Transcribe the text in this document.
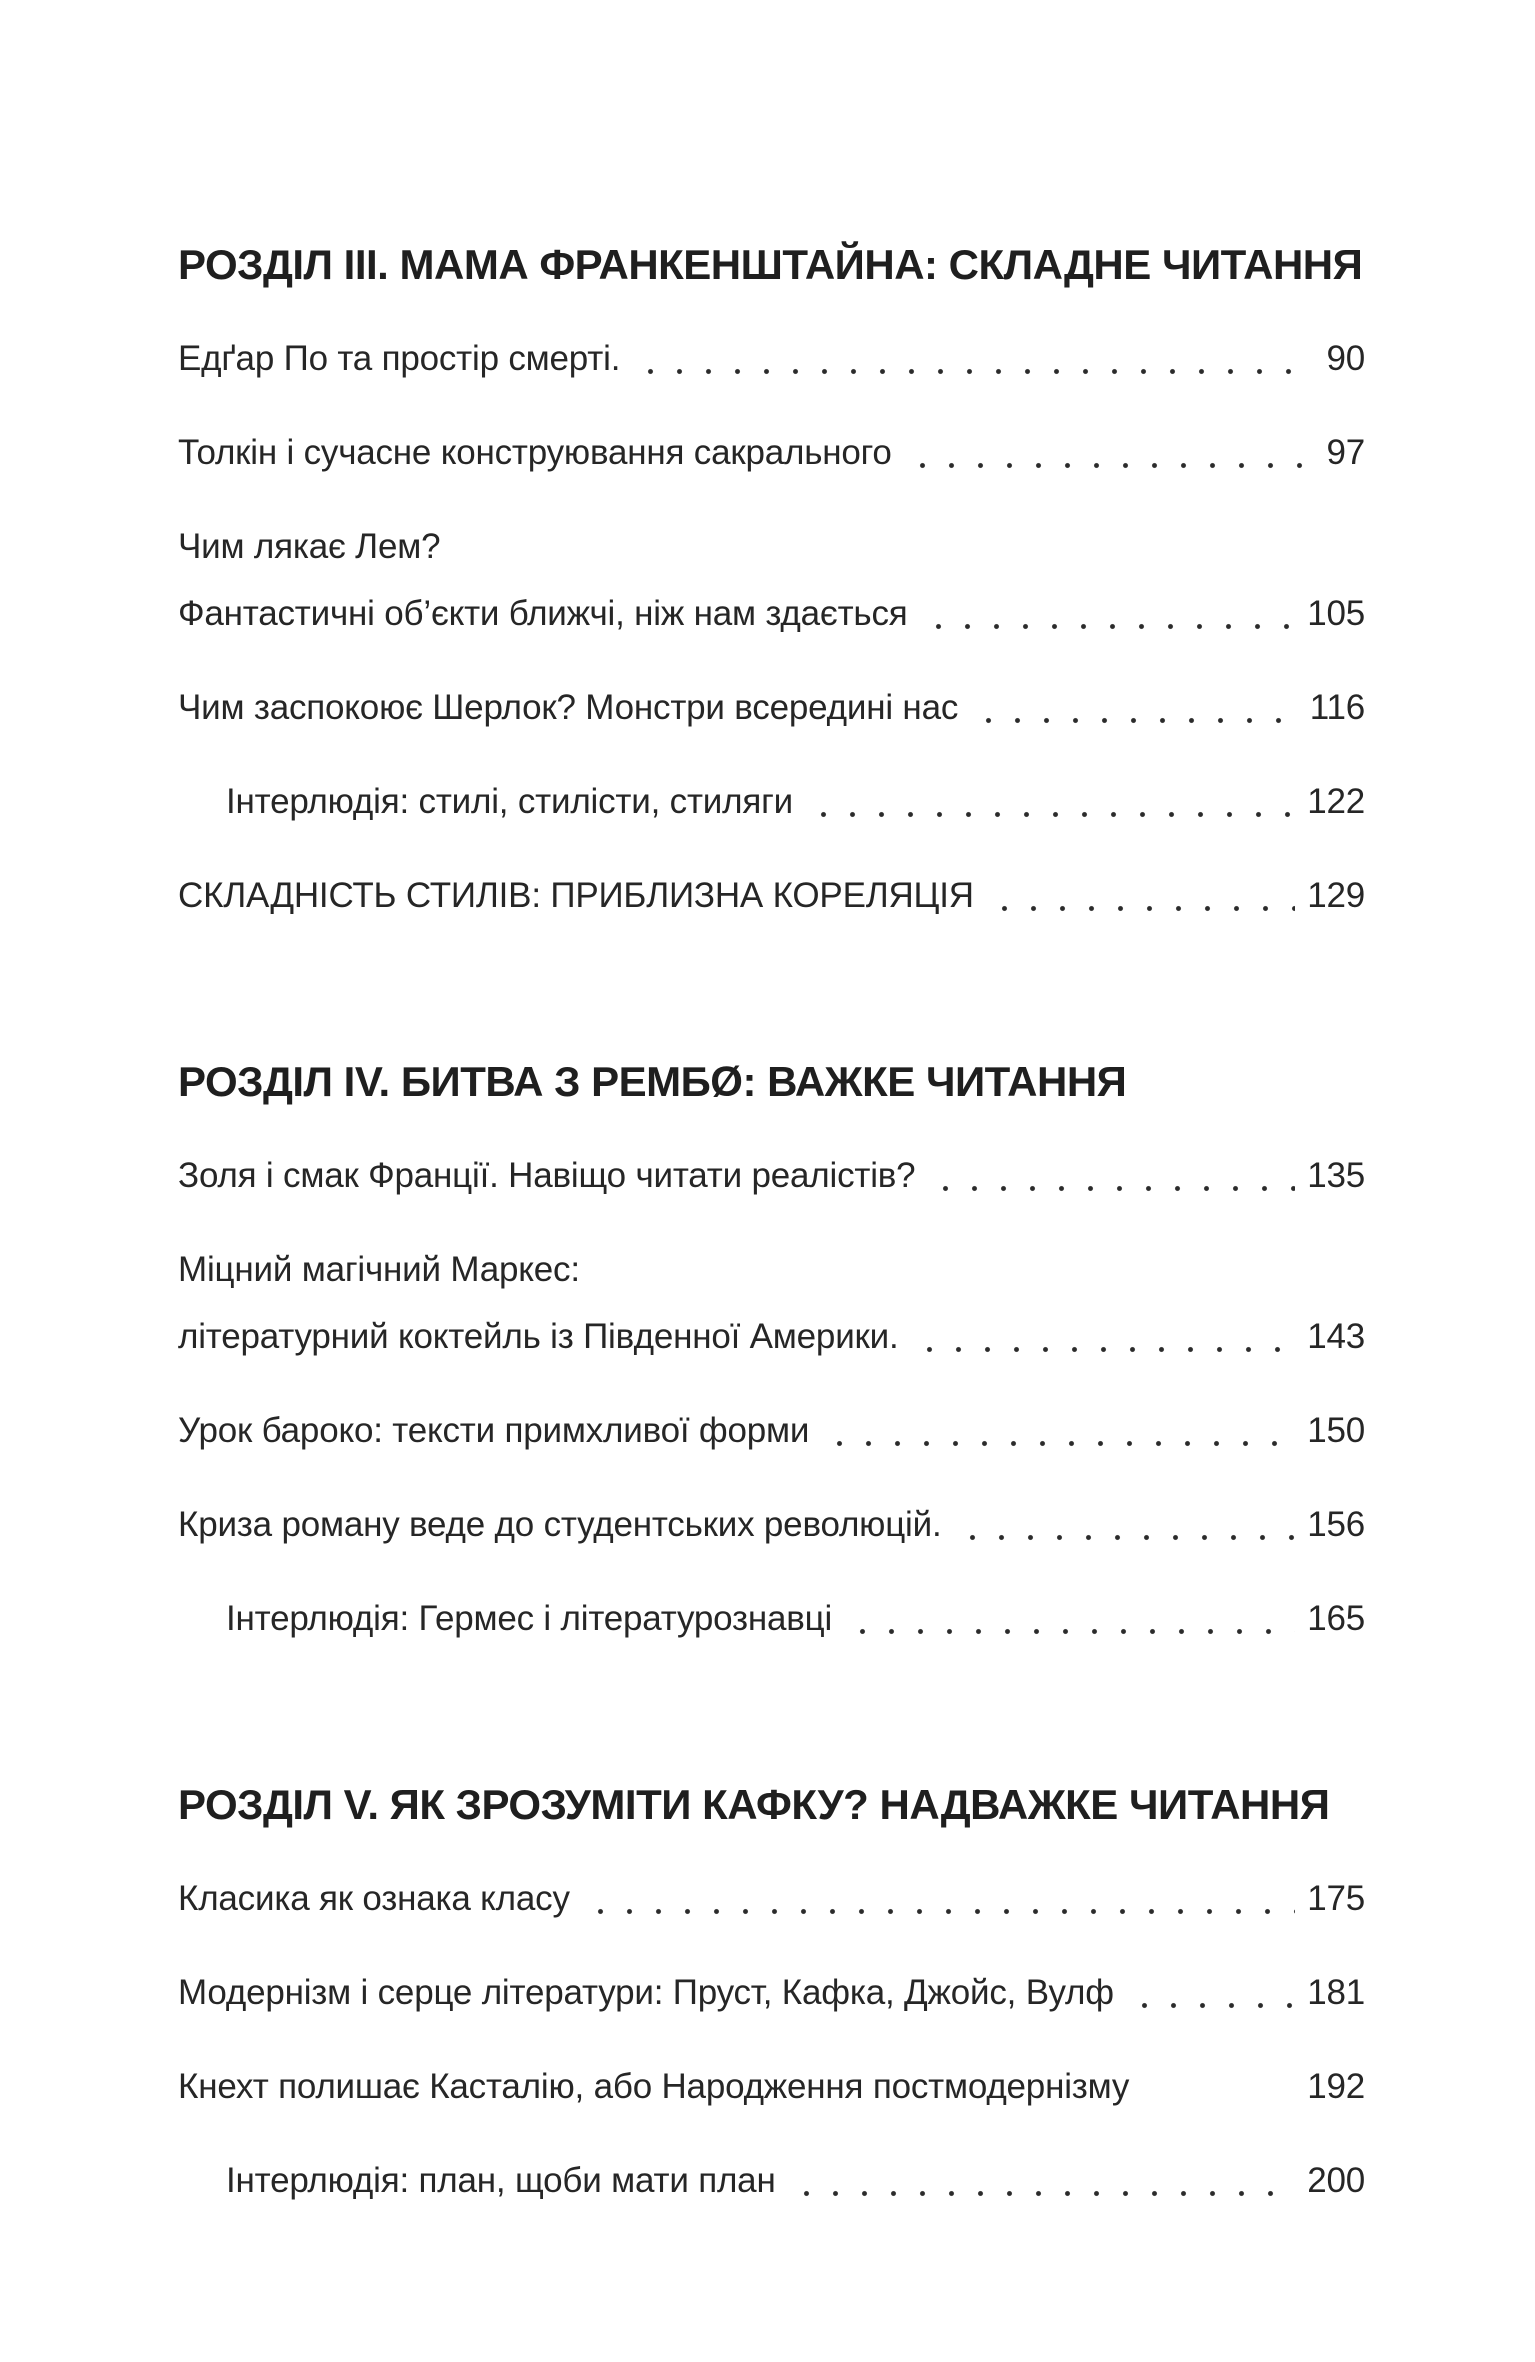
РОЗДІЛ III. МАМА ФРАНКЕНШТАЙНА: СКЛАДНЕ ЧИТАННЯ
Едґар По та простір смерті.	90
Толкін і сучасне конструювання сакрального	97
Чим лякає Лем?
Фантастичні об’єкти ближчі, ніж нам здається	105
Чим заспокоює Шерлок? Монстри всередині нас	116
Інтерлюдія: стилі, стилісти, стиляги	122
СКЛАДНІСТЬ СТИЛІВ: ПРИБЛИЗНА КОРЕЛЯЦІЯ	129
РОЗДІЛ IV. БИТВА З РЕМБØ: ВАЖКЕ ЧИТАННЯ
Золя і смак Франції. Навіщо читати реалістів?	135
Міцний магічний Маркес:
літературний коктейль із Південної Америки.	143
Урок бароко: тексти примхливої форми	150
Криза роману веде до студентських революцій.	156
Інтерлюдія: Гермес і літературознавці	165
РОЗДІЛ V. ЯК ЗРОЗУМІТИ КАФКУ? НАДВАЖКЕ ЧИТАННЯ
Класика як ознака класу	175
Модернізм і серце літератури: Пруст, Кафка, Джойс, Вулф	181
Кнехт полишає Касталію, або Народження постмодернізму	192
Інтерлюдія: план, щоби мати план	200
